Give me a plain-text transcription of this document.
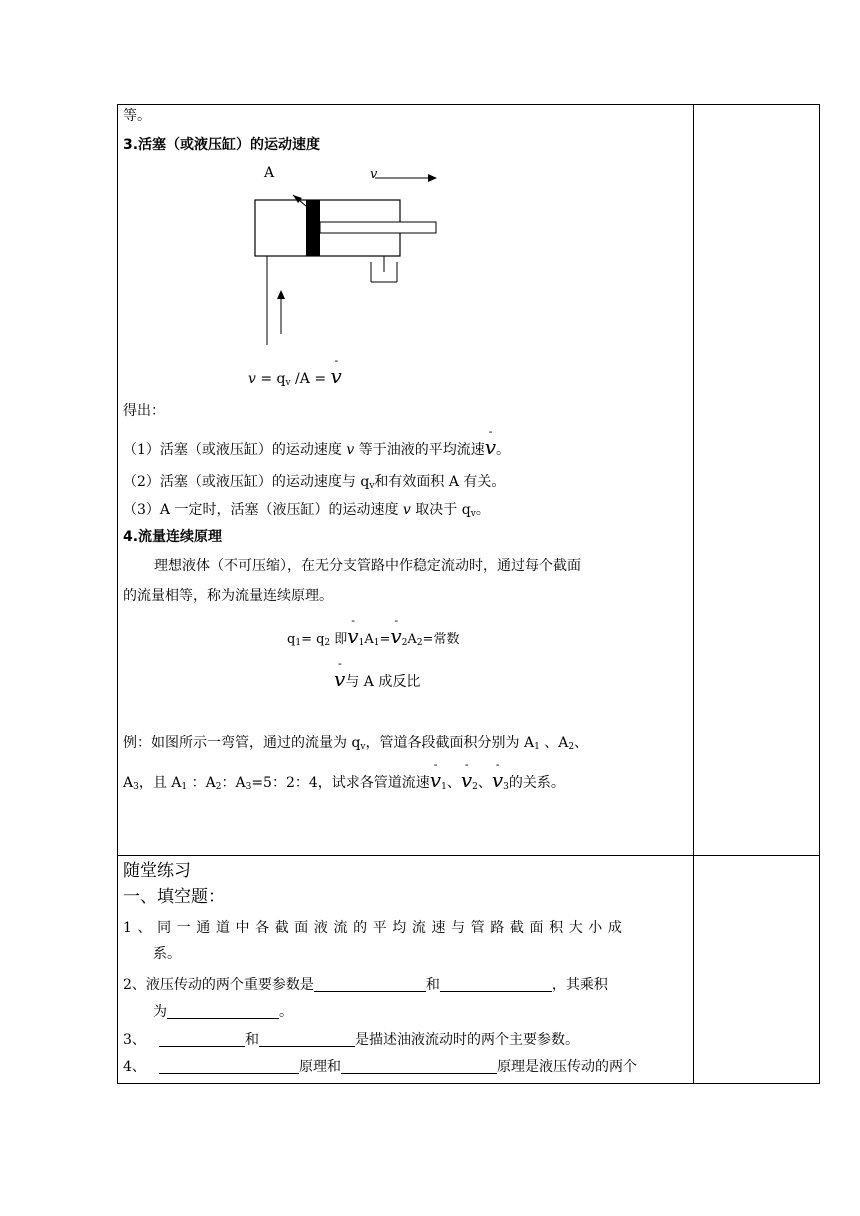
等。
3.活塞（或液压缸）的运动速度
A	v
$v = q_v$ /A = - v
得出：
（1）活塞（或液压缸）的运动速度 v 等于油液的平均流速- v。
（2）活塞（或液压缸）的运动速度与 $q_v$和有效面积 A 有关。
（3）A 一定时，活塞（液压缸）的运动速度 v 取决于 $q_v$。
4.流量连续原理
理想液体（不可压缩），在无分支管路中作稳定流动时，通过每个截面
的流量相等，称为流量连续原理。
$q_1= q_2$ 即- $v_1A_1=-$ $v_2A_2=$常数
- v与 A 成反比
例：如图所示一弯管，通过的流量为 $q_v$，管道各段截面积分别为 $A_1$ 、$A_2$、
$A_3$，且 $A_1$ ：$A_2$：$A_3=5$：2：4，试求各管道流速- $v_1$、- $v_2$、- $v_3$的关系。
随堂练习
一、填空题：
1、同一通道中各截面液流的平均流速与管路截面积大小成
系。
2、液压传动的两个重要参数是	和	，其乘积
为	。
3、	和	是描述油液流动时的两个主要参数。
4、	原理和	原理是液压传动的两个
